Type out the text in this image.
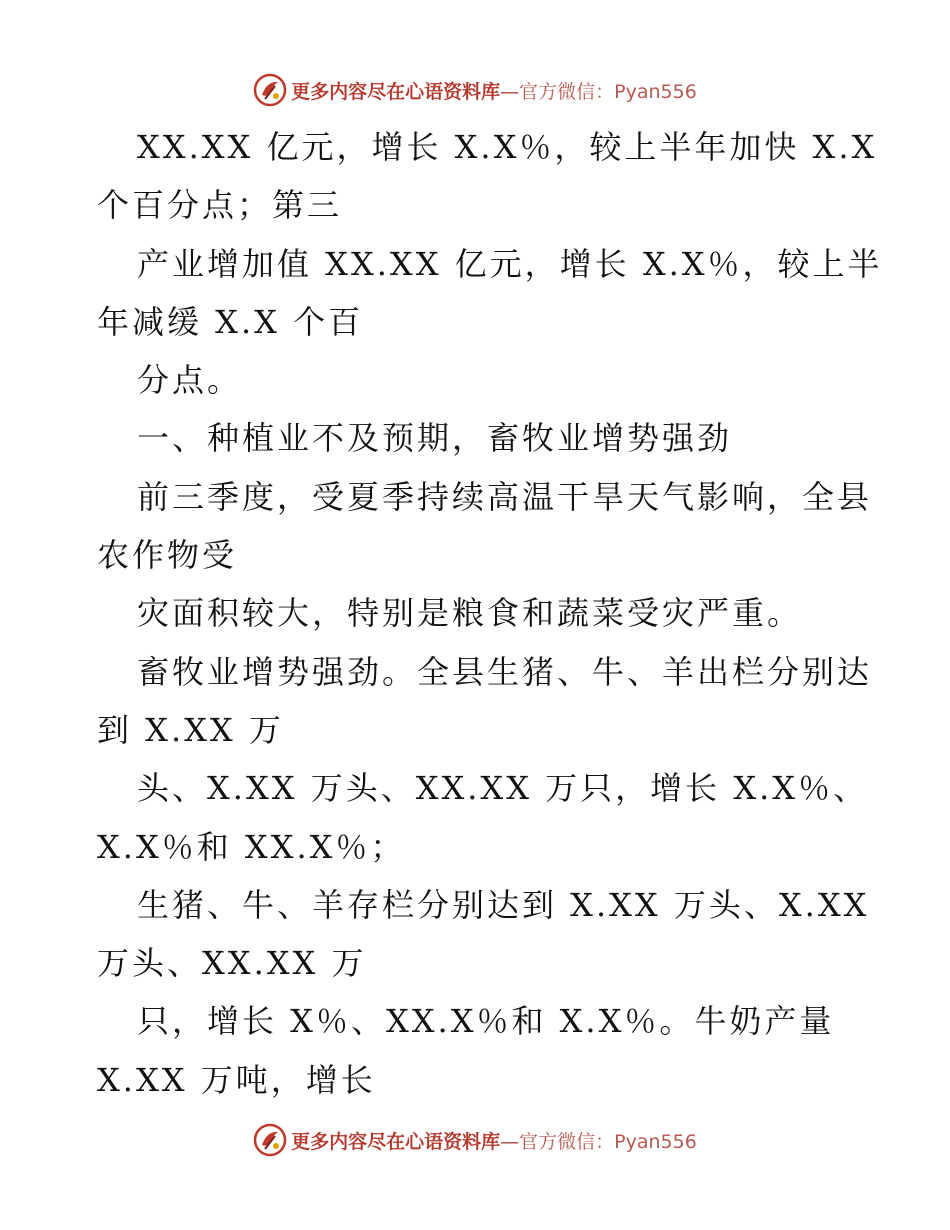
更多内容尽在心语资料库—官方微信：Pyan556
XX.XX 亿元，增长 X.X％，较上半年加快 X.X
个百分点；第三
产业增加值 XX.XX 亿元，增长 X.X％，较上半
年减缓 X.X 个百
分点。
一、种植业不及预期，畜牧业增势强劲
前三季度，受夏季持续高温干旱天气影响，全县
农作物受
灾面积较大，特别是粮食和蔬菜受灾严重。
畜牧业增势强劲。全县生猪、牛、羊出栏分别达
到 X.XX 万
头、X.XX 万头、XX.XX 万只，增长 X.X％、
X.X％和 XX.X％；
生猪、牛、羊存栏分别达到 X.XX 万头、X.XX
万头、XX.XX 万
只，增长 X％、XX.X％和 X.X％。牛奶产量
X.XX 万吨，增长
更多内容尽在心语资料库—官方微信：Pyan556
